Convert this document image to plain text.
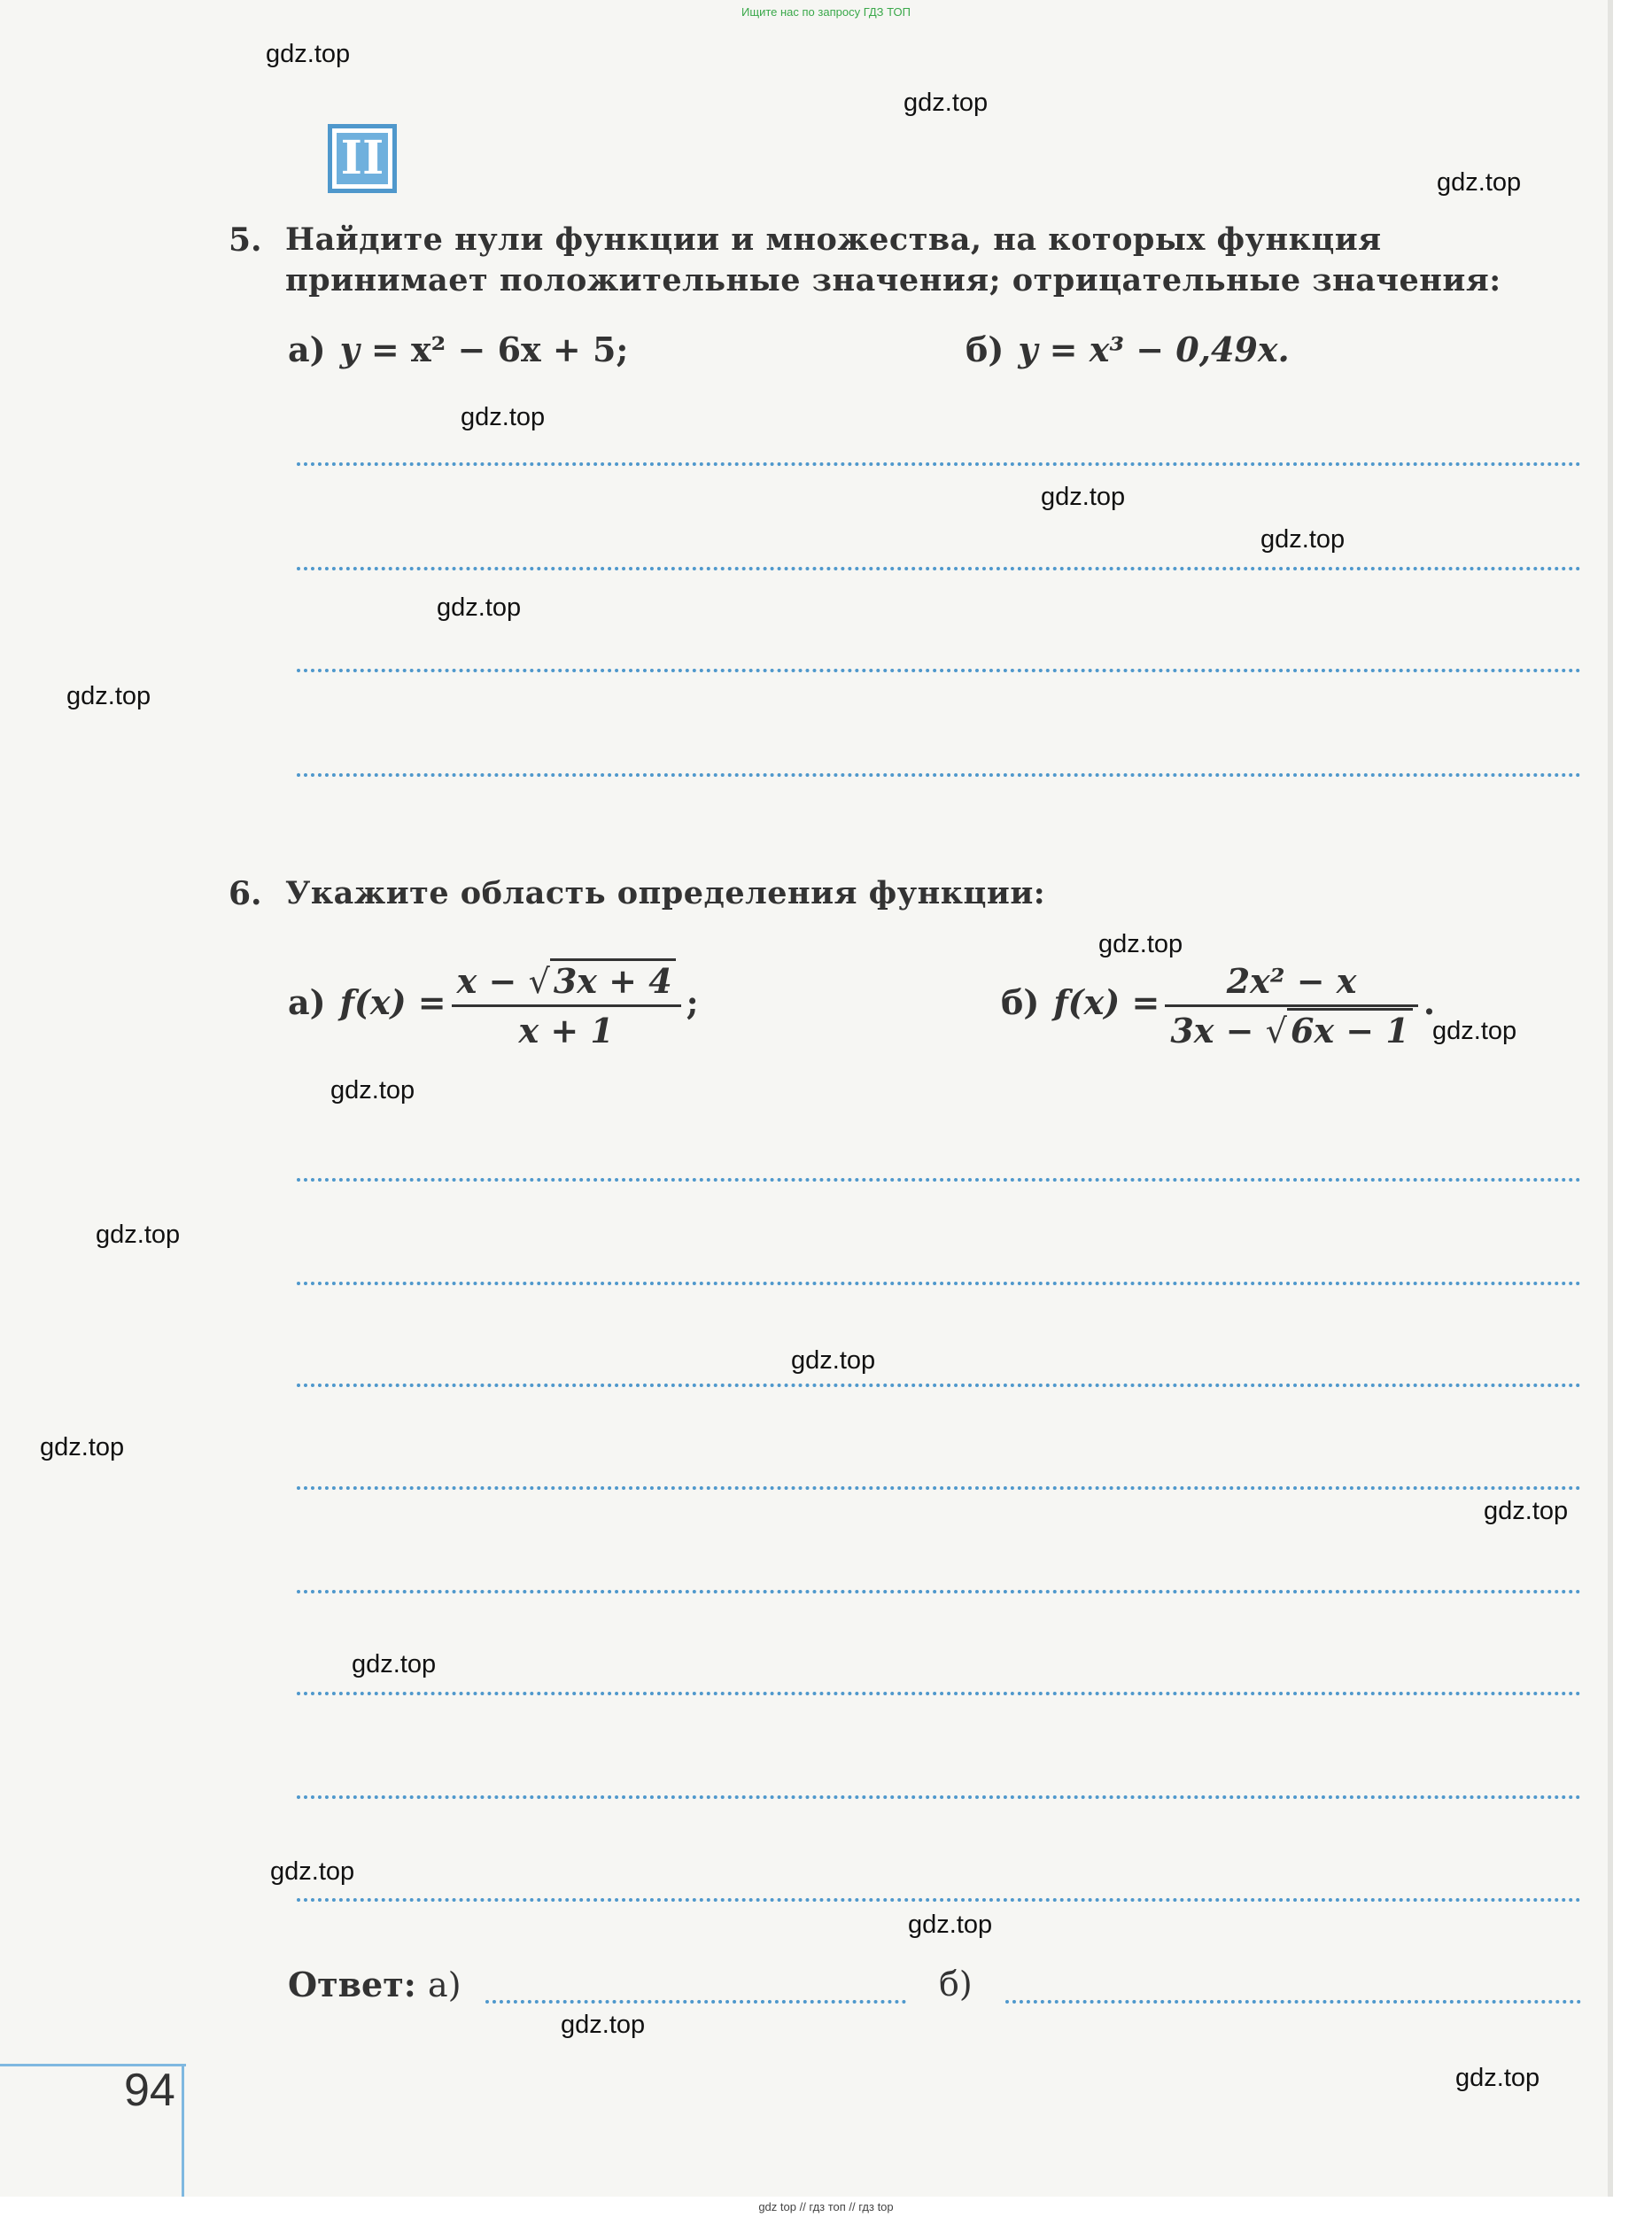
Ищите нас по запросу ГДЗ ТОП
II
5. Найдите нули функции и множества, на которых функция принимает положительные значения; отрицательные значения:
а) y = x² − 6x + 5;	б) y = x³ − 0,49x.
6. Укажите область определения функции:
а) $f(x) = \frac{x - √ 3x + 4}{x + 1}$ ;	б) $f(x) = \frac{\text{2x² − x}}{3x - √ 6x - 1}$ .
Ответ: а)	б)
94
gdz.top
gdz.top
gdz.top
gdz.top
gdz.top
gdz.top
gdz.top
gdz.top
gdz.top
gdz.top
gdz.top
gdz.top
gdz.top
gdz.top
gdz.top
gdz.top
gdz.top
gdz.top
gdz.top
gdz.top
gdz top // гдз топ // гдз top
